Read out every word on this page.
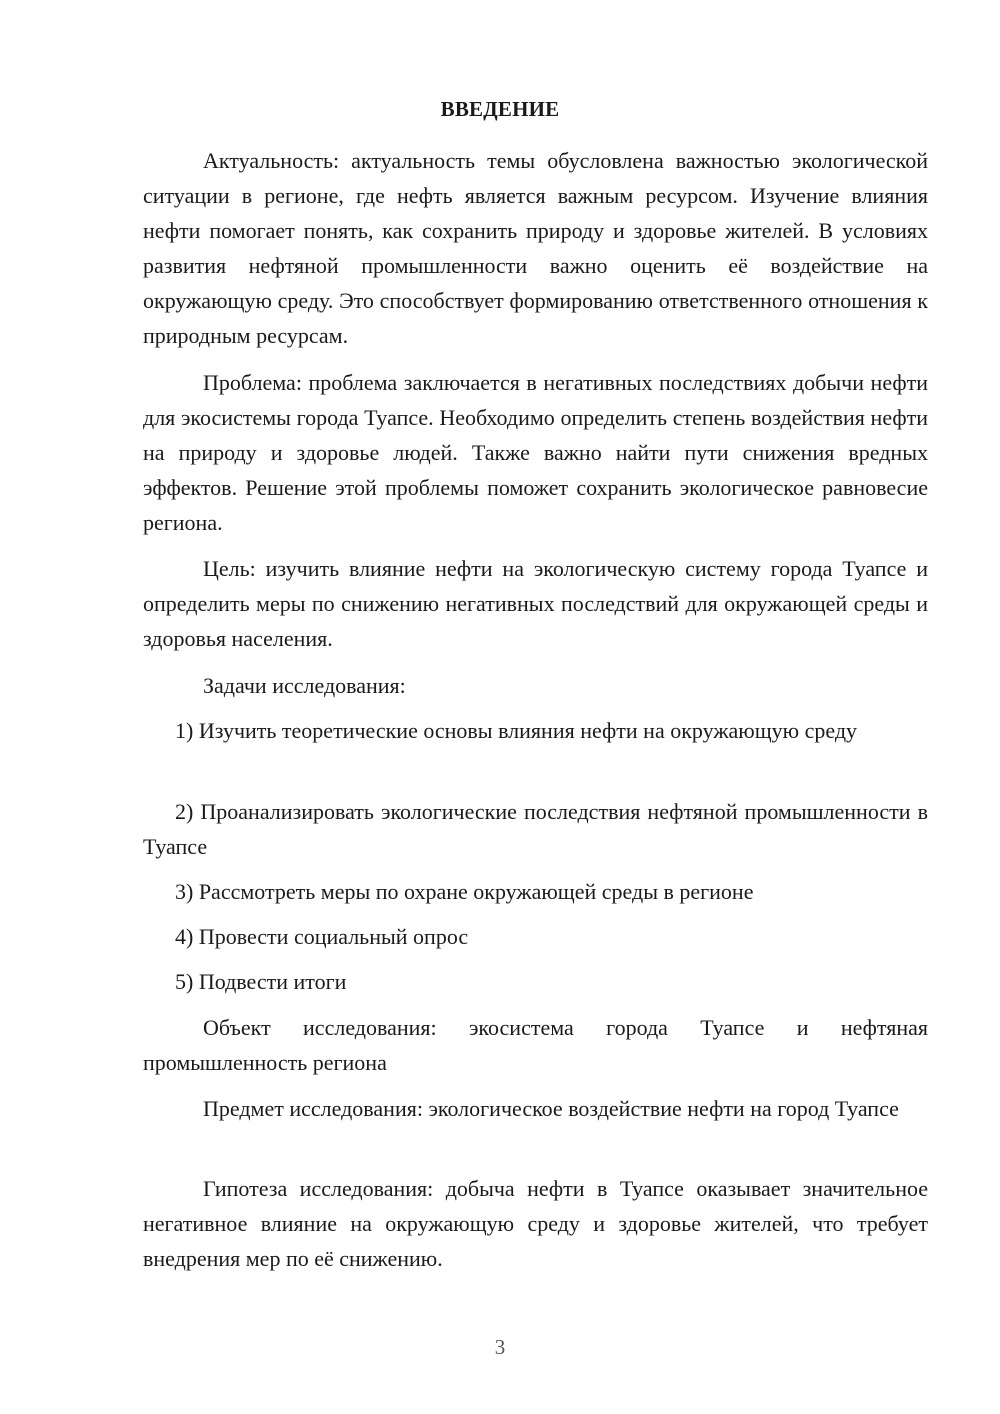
ВВЕДЕНИЕ

Актуальность: актуальность темы обусловлена важностью экологической ситуации в регионе, где нефть является важным ресурсом. Изучение влияния нефти помогает понять, как сохранить природу и здоровье жителей. В условиях развития нефтяной промышленности важно оценить её воздействие на окружающую среду. Это способствует формированию ответственного отношения к природным ресурсам.

Проблема: проблема заключается в негативных последствиях добычи нефти для экосистемы города Туапсе. Необходимо определить степень воздействия нефти на природу и здоровье людей. Также важно найти пути снижения вредных эффектов. Решение этой проблемы поможет сохранить экологическое равновесие региона.

Цель: изучить влияние нефти на экологическую систему города Туапсе и определить меры по снижению негативных последствий для окружающей среды и здоровья населения.

Задачи исследования:

1) Изучить теоретические основы влияния нефти на окружающую среду

2) Проанализировать экологические последствия нефтяной промышленности в Туапсе

3) Рассмотреть меры по охране окружающей среды в регионе

4) Провести социальный опрос

5) Подвести итоги

Объект исследования: экосистема города Туапсе и нефтяная промышленность региона

Предмет исследования: экологическое воздействие нефти на город Туапсе

Гипотеза исследования: добыча нефти в Туапсе оказывает значительное негативное влияние на окружающую среду и здоровье жителей, что требует внедрения мер по её снижению.

3
